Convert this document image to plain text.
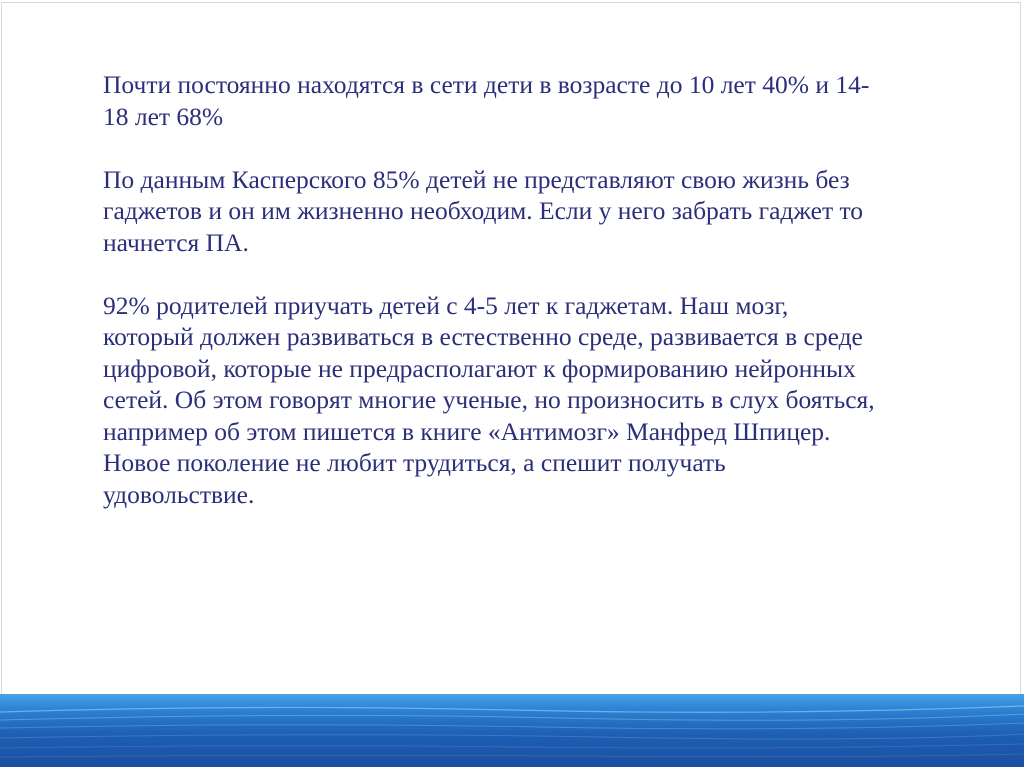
Почти постоянно находятся в сети дети в возрасте до 10 лет 40% и 14-
18 лет 68%

По данным Касперского 85% детей не представляют свою жизнь без
гаджетов и он им жизненно необходим. Если у него забрать гаджет то
начнется ПА.

92% родителей приучать детей с 4-5 лет к гаджетам. Наш мозг,
который должен развиваться в естественно среде, развивается в среде
цифровой, которые не предрасполагают к формированию нейронных
сетей. Об этом говорят многие ученые, но произносить в слух бояться,
например об этом пишется в книге «Антимозг» Манфред Шпицер.
Новое поколение не любит трудиться, а спешит получать
удовольствие.
